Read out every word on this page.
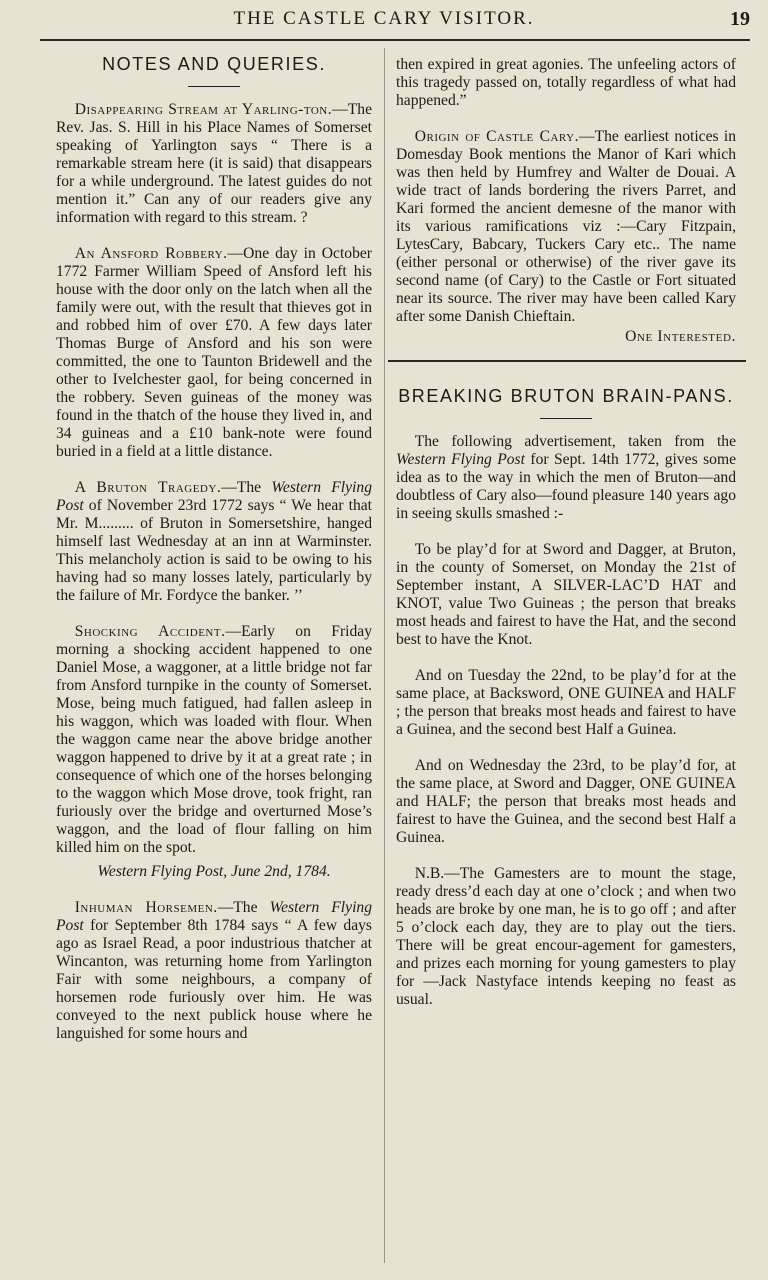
THE CASTLE CARY VISITOR.	19
NOTES AND QUERIES.

Disappearing Stream at Yarling-ton.—The Rev. Jas. S. Hill in his Place Names of Somerset speaking of Yarlington says “ There is a remarkable stream here (it is said) that disappears for a while underground. The latest guides do not mention it.” Can any of our readers give any information with regard to this stream. ?

An Ansford Robbery.—One day in October 1772 Farmer William Speed of Ansford left his house with the door only on the latch when all the family were out, with the result that thieves got in and robbed him of over £70. A few days later Thomas Burge of Ansford and his son were committed, the one to Taunton Bridewell and the other to Ivelchester gaol, for being concerned in the robbery. Seven guineas of the money was found in the thatch of the house they lived in, and 34 guineas and a £10 bank-note were found buried in a field at a little distance.

A Bruton Tragedy.—The Western Flying Post of November 23rd 1772 says “ We hear that Mr. M......... of Bruton in Somersetshire, hanged himself last Wednesday at an inn at Warminster. This melancholy action is said to be owing to his having had so many losses lately, particularly by the failure of Mr. Fordyce the banker. ’’

Shocking Accident.—Early on Friday morning a shocking accident happened to one Daniel Mose, a waggoner, at a little bridge not far from Ansford turnpike in the county of Somerset. Mose, being much fatigued, had fallen asleep in his waggon, which was loaded with flour. When the waggon came near the above bridge another waggon happened to drive by it at a great rate ; in consequence of which one of the horses belonging to the waggon which Mose drove, took fright, ran furiously over the bridge and overturned Mose’s waggon, and the load of flour falling on him killed him on the spot.

Western Flying Post, June 2nd, 1784.

Inhuman Horsemen.—The Western Flying Post for September 8th 1784 says “ A few days ago as Israel Read, a poor industrious thatcher at Wincanton, was returning home from Yarlington Fair with some neighbours, a company of horsemen rode furiously over him. He was conveyed to the next publick house where he languished for some hours and

then expired in great agonies. The unfeeling actors of this tragedy passed on, totally regardless of what had happened.”

Origin of Castle Cary.—The earliest notices in Domesday Book mentions the Manor of Kari which was then held by Humfrey and Walter de Douai. A wide tract of lands bordering the rivers Parret, and Kari formed the ancient demesne of the manor with its various ramifications viz :—Cary Fitzpain, LytesCary, Babcary, Tuckers Cary etc.. The name (either personal or otherwise) of the river gave its second name (of Cary) to the Castle or Fort situated near its source. The river may have been called Kary after some Danish Chieftain.

One Interested.

BREAKING BRUTON BRAIN-PANS.

The following advertisement, taken from the Western Flying Post for Sept. 14th 1772, gives some idea as to the way in which the men of Bruton—and doubtless of Cary also—found pleasure 140 years ago in seeing skulls smashed :-

To be play’d for at Sword and Dagger, at Bruton, in the county of Somerset, on Monday the 21st of September instant, A SILVER-LAC’D HAT and KNOT, value Two Guineas ; the person that breaks most heads and fairest to have the Hat, and the second best to have the Knot.

And on Tuesday the 22nd, to be play’d for at the same place, at Backsword, ONE GUINEA and HALF ; the person that breaks most heads and fairest to have a Guinea, and the second best Half a Guinea.

And on Wednesday the 23rd, to be play’d for, at the same place, at Sword and Dagger, ONE GUINEA and HALF; the person that breaks most heads and fairest to have the Guinea, and the second best Half a Guinea.

N.B.—The Gamesters are to mount the stage, ready dress’d each day at one o’clock ; and when two heads are broke by one man, he is to go off ; and after 5 o’clock each day, they are to play out the tiers. There will be great encour-agement for gamesters, and prizes each morning for young gamesters to play for —Jack Nastyface intends keeping no feast as usual.
